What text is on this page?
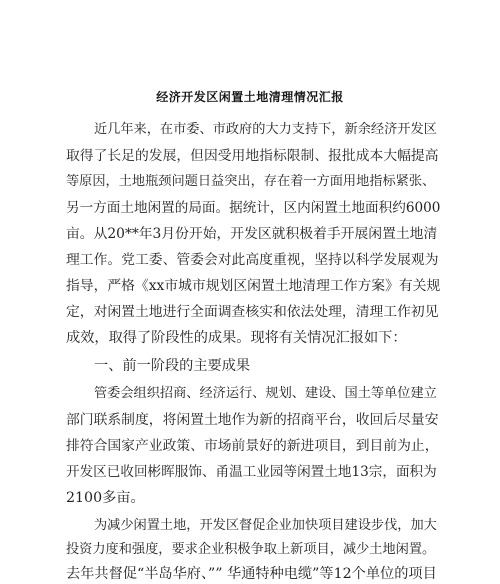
经济开发区闲置土地清理情况汇报
近几年来，在市委、市政府的大力支持下，新余经济开发区
取得了长足的发展，但因受用地指标限制、报批成本大幅提高
等原因，土地瓶颈问题日益突出，存在着一方面用地指标紧张、
另一方面土地闲置的局面。据统计，区内闲置土地面积约6000
亩。从20**年3月份开始，开发区就积极着手开展闲置土地清
理工作。党工委、管委会对此高度重视，坚持以科学发展观为
指导，严格《xx市城市规划区闲置土地清理工作方案》有关规
定，对闲置土地进行全面调查核实和依法处理，清理工作初见
成效，取得了阶段性的成果。现将有关情况汇报如下：
一、前一阶段的主要成果
管委会组织招商、经济运行、规划、建设、国土等单位建立
部门联系制度，将闲置土地作为新的招商平台，收回后尽量安
排符合国家产业政策、市场前景好的新进项目，到目前为止，
开发区已收回彬晖服饰、甬温工业园等闲置土地13宗，面积为
2100多亩。
为减少闲置土地，开发区督促企业加快项目建设步伐，加大
投资力度和强度，要求企业积极争取上新项目，减少土地闲置。
去年共督促“半岛华府、”” 华通特种电缆”等12个单位的项目
